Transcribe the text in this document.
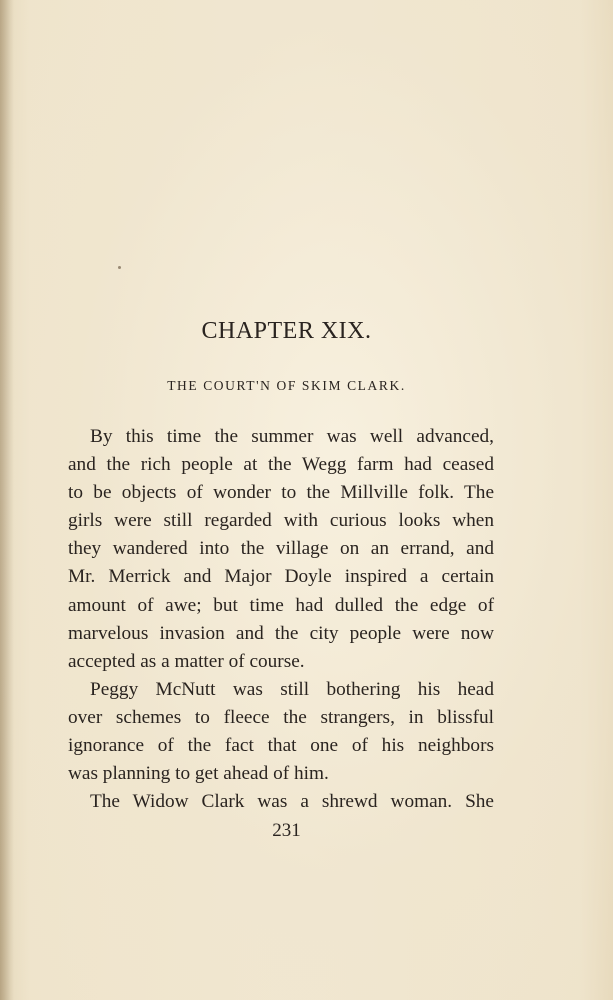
CHAPTER XIX.
THE COURT'N OF SKIM CLARK.
By this time the summer was well advanced,
and the rich people at the Wegg farm had ceased
to be objects of wonder to the Millville folk. The
girls were still regarded with curious looks when
they wandered into the village on an errand, and
Mr. Merrick and Major Doyle inspired a certain
amount of awe; but time had dulled the edge of
marvelous invasion and the city people were now
accepted as a matter of course.
Peggy McNutt was still bothering his head
over schemes to fleece the strangers, in blissful
ignorance of the fact that one of his neighbors
was planning to get ahead of him.
The Widow Clark was a shrewd woman. She
231
